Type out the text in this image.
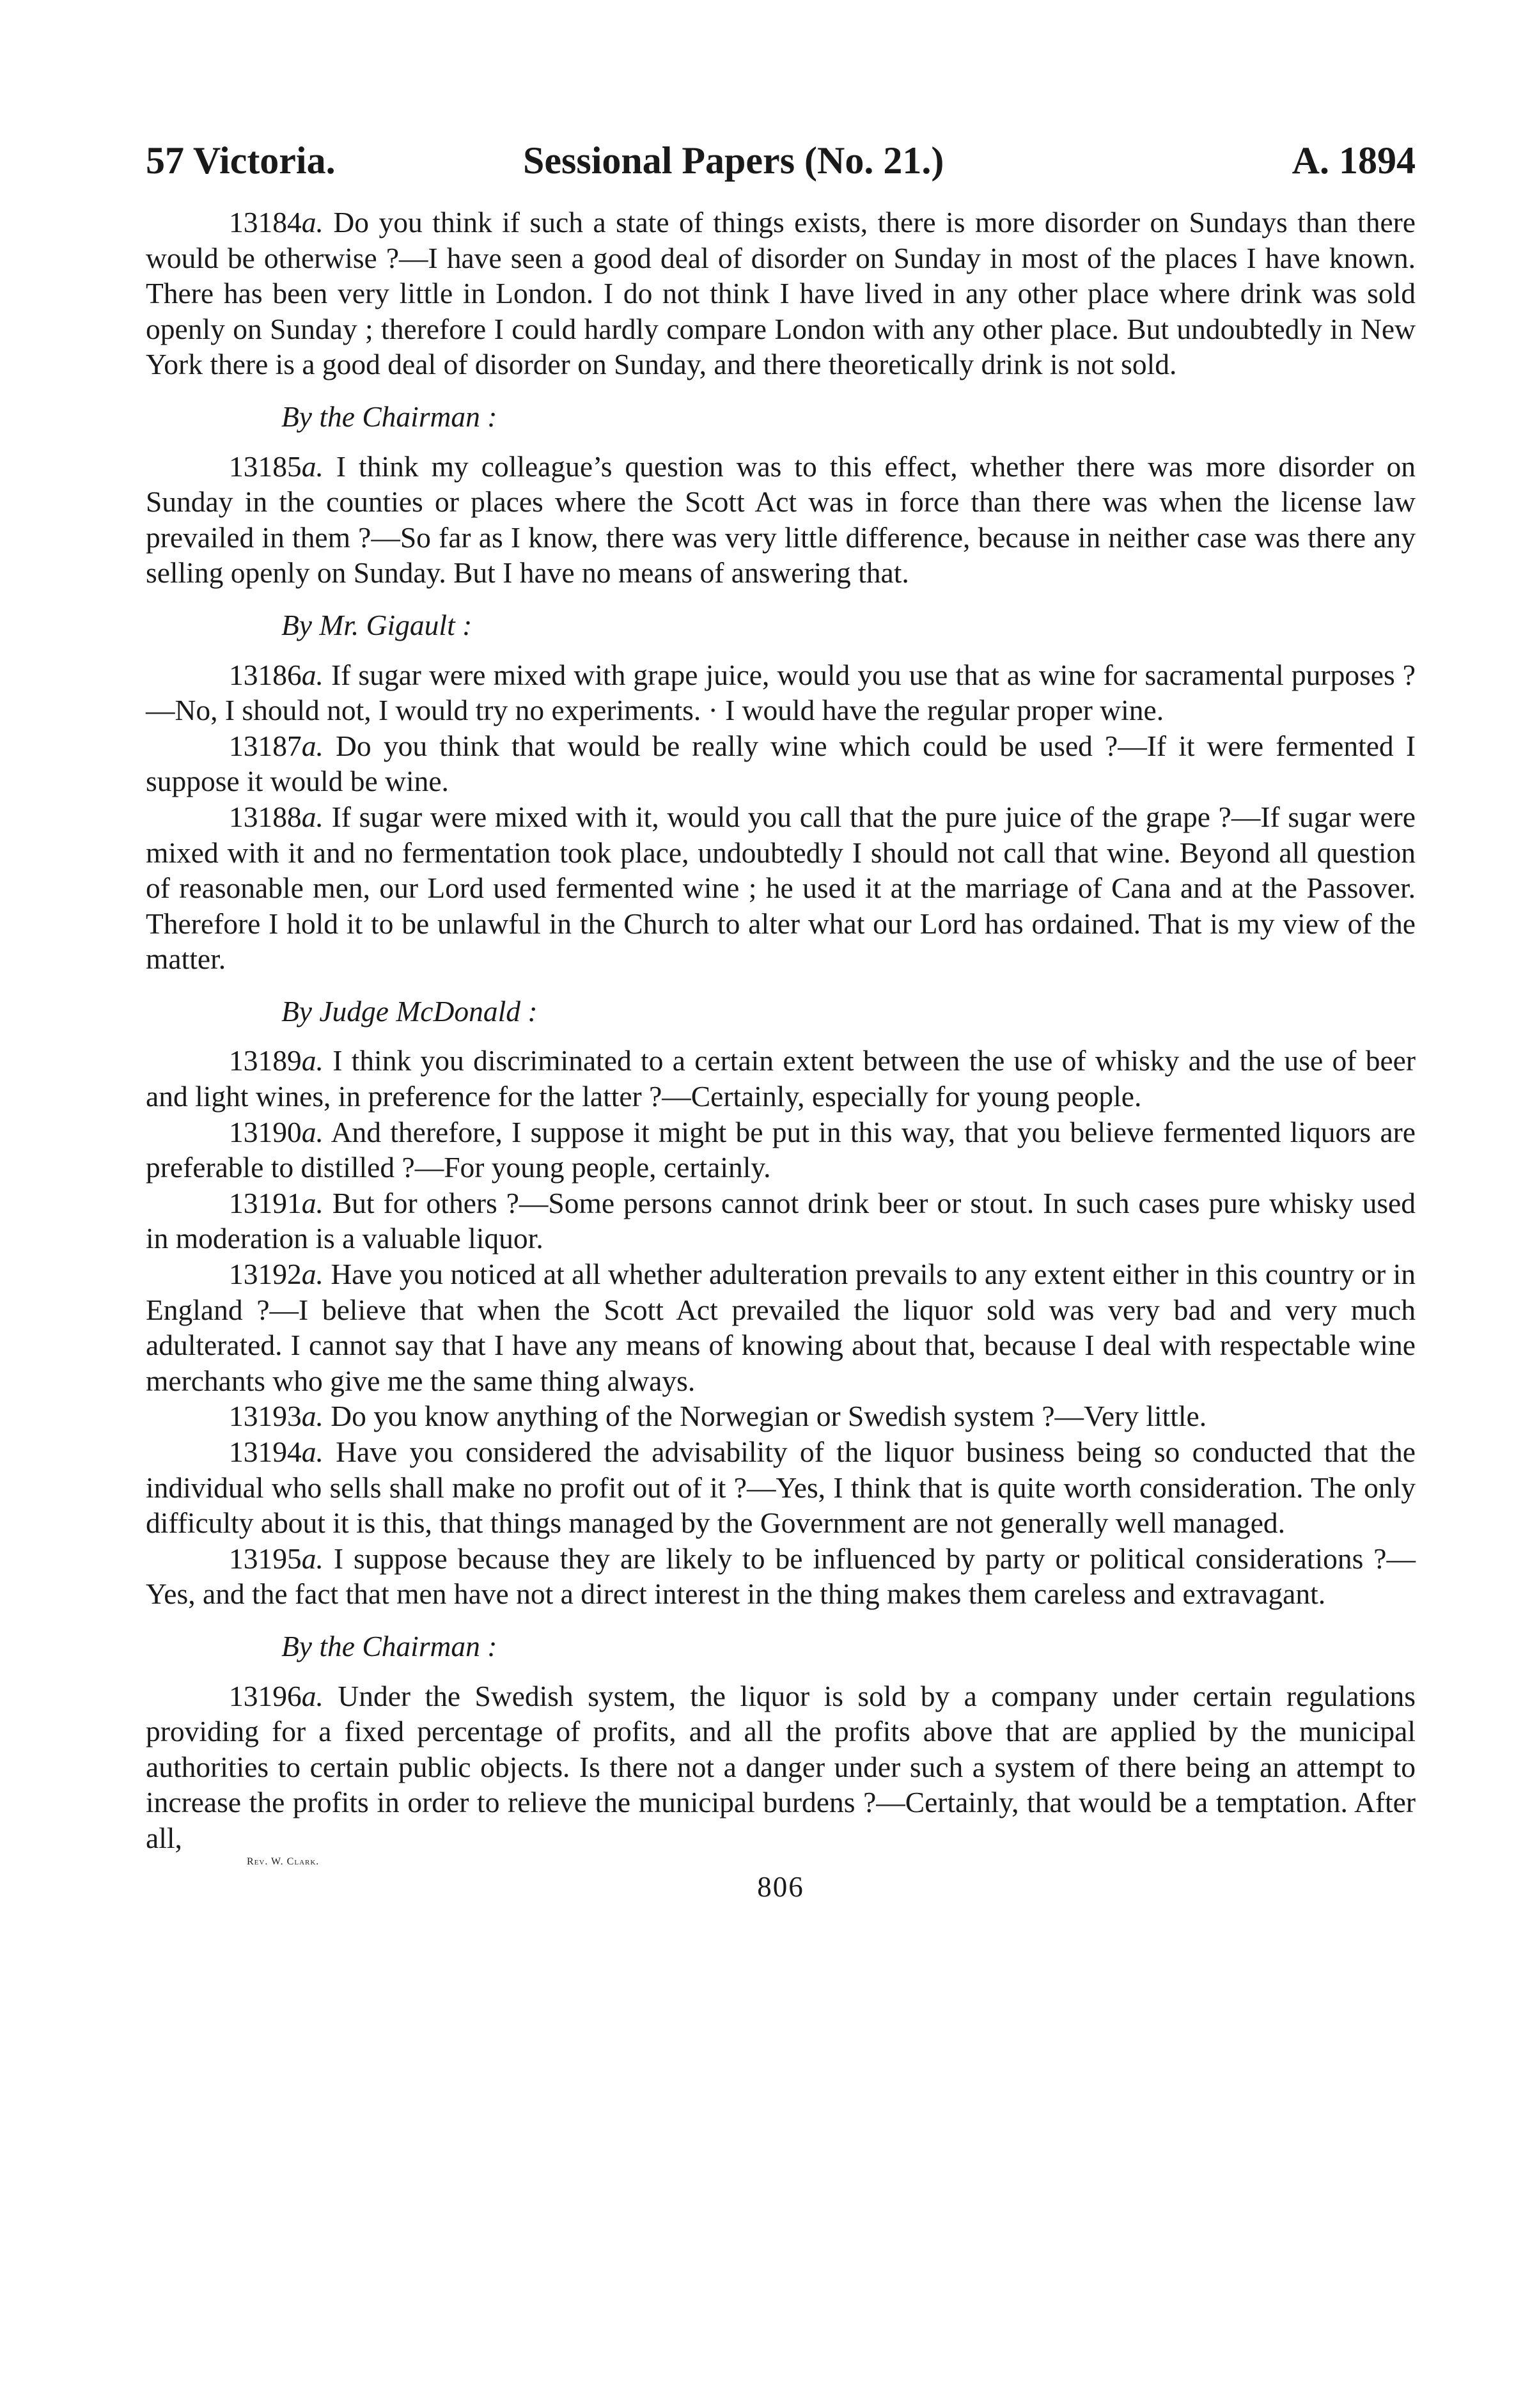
57 Victoria.	Sessional Papers (No. 21.)	A. 1894

13184a. Do you think if such a state of things exists, there is more disorder on Sundays than there would be otherwise ?—I have seen a good deal of disorder on Sunday in most of the places I have known. There has been very little in London. I do not think I have lived in any other place where drink was sold openly on Sunday ; therefore I could hardly compare London with any other place. But undoubtedly in New York there is a good deal of disorder on Sunday, and there theoretically drink is not sold.

By the Chairman :

13185a. I think my colleague’s question was to this effect, whether there was more disorder on Sunday in the counties or places where the Scott Act was in force than there was when the license law prevailed in them ?—So far as I know, there was very little difference, because in neither case was there any selling openly on Sunday. But I have no means of answering that.

By Mr. Gigault :

13186a. If sugar were mixed with grape juice, would you use that as wine for sacramental purposes ?—No, I should not, I would try no experiments. · I would have the regular proper wine.

13187a. Do you think that would be really wine which could be used ?—If it were fermented I suppose it would be wine.

13188a. If sugar were mixed with it, would you call that the pure juice of the grape ?—If sugar were mixed with it and no fermentation took place, undoubtedly I should not call that wine. Beyond all question of reasonable men, our Lord used fermented wine ; he used it at the marriage of Cana and at the Passover. Therefore I hold it to be unlawful in the Church to alter what our Lord has ordained. That is my view of the matter.

By Judge McDonald :

13189a. I think you discriminated to a certain extent between the use of whisky and the use of beer and light wines, in preference for the latter ?—Certainly, especially for young people.

13190a. And therefore, I suppose it might be put in this way, that you believe fermented liquors are preferable to distilled ?—For young people, certainly.

13191a. But for others ?—Some persons cannot drink beer or stout. In such cases pure whisky used in moderation is a valuable liquor.

13192a. Have you noticed at all whether adulteration prevails to any extent either in this country or in England ?—I believe that when the Scott Act prevailed the liquor sold was very bad and very much adulterated. I cannot say that I have any means of knowing about that, because I deal with respectable wine merchants who give me the same thing always.

13193a. Do you know anything of the Norwegian or Swedish system ?—Very little.

13194a. Have you considered the advisability of the liquor business being so conducted that the individual who sells shall make no profit out of it ?—Yes, I think that is quite worth consideration. The only difficulty about it is this, that things managed by the Government are not generally well managed.

13195a. I suppose because they are likely to be influenced by party or political considerations ?—Yes, and the fact that men have not a direct interest in the thing makes them careless and extravagant.

By the Chairman :

13196a. Under the Swedish system, the liquor is sold by a company under certain regulations providing for a fixed percentage of profits, and all the profits above that are applied by the municipal authorities to certain public objects. Is there not a danger under such a system of there being an attempt to increase the profits in order to relieve the municipal burdens ?—Certainly, that would be a temptation. After all,

Rev. W. Clark.

806
